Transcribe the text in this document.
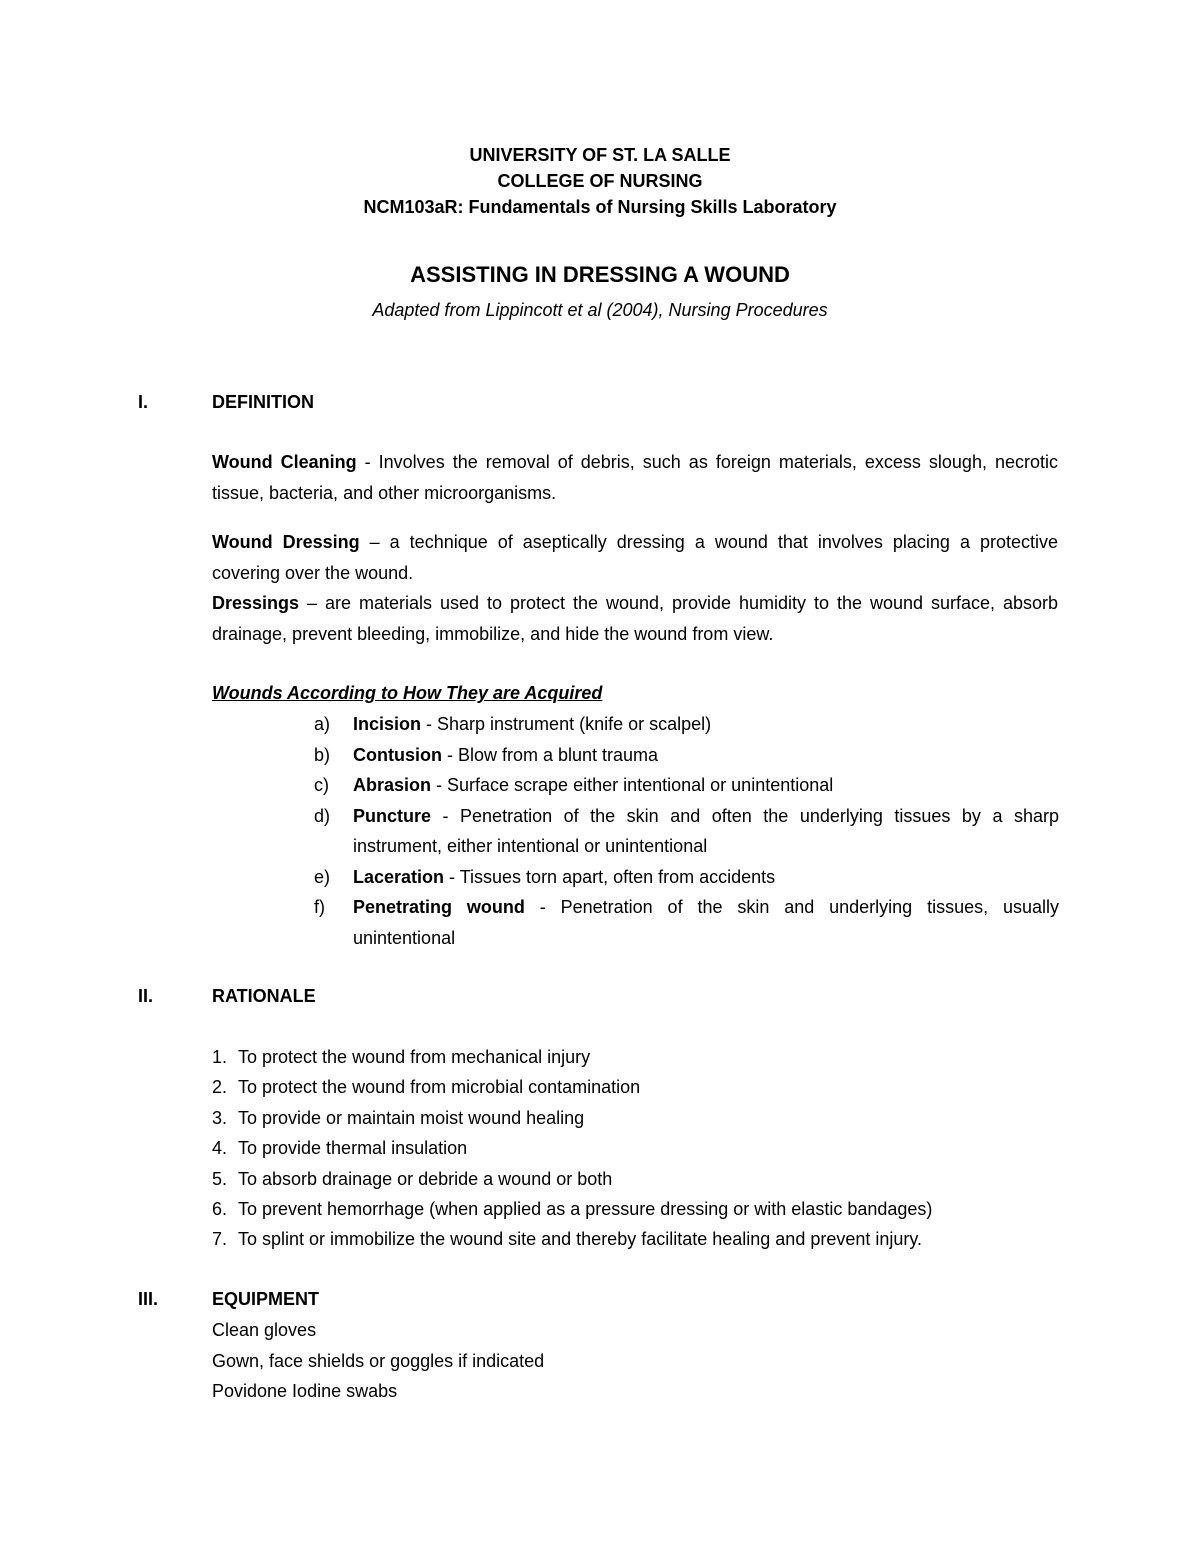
UNIVERSITY OF ST. LA SALLE
COLLEGE OF NURSING
NCM103aR: Fundamentals of Nursing Skills Laboratory
ASSISTING IN DRESSING A WOUND
Adapted from Lippincott et al (2004), Nursing Procedures
I.	DEFINITION
Wound Cleaning - Involves the removal of debris, such as foreign materials, excess slough, necrotic tissue, bacteria, and other microorganisms.
Wound Dressing – a technique of aseptically dressing a wound that involves placing a protective covering over the wound.
Dressings – are materials used to protect the wound, provide humidity to the wound surface, absorb drainage, prevent bleeding, immobilize, and hide the wound from view.
Wounds According to How They are Acquired
a) Incision - Sharp instrument (knife or scalpel)
b) Contusion - Blow from a blunt trauma
c) Abrasion - Surface scrape either intentional or unintentional
d) Puncture - Penetration of the skin and often the underlying tissues by a sharp instrument, either intentional or unintentional
e) Laceration - Tissues torn apart, often from accidents
f) Penetrating wound - Penetration of the skin and underlying tissues, usually unintentional
II.	RATIONALE
1. To protect the wound from mechanical injury
2. To protect the wound from microbial contamination
3. To provide or maintain moist wound healing
4. To provide thermal insulation
5. To absorb drainage or debride a wound or both
6. To prevent hemorrhage (when applied as a pressure dressing or with elastic bandages)
7. To splint or immobilize the wound site and thereby facilitate healing and prevent injury.
III.	EQUIPMENT
Clean gloves
Gown, face shields or goggles if indicated
Povidone Iodine swabs
